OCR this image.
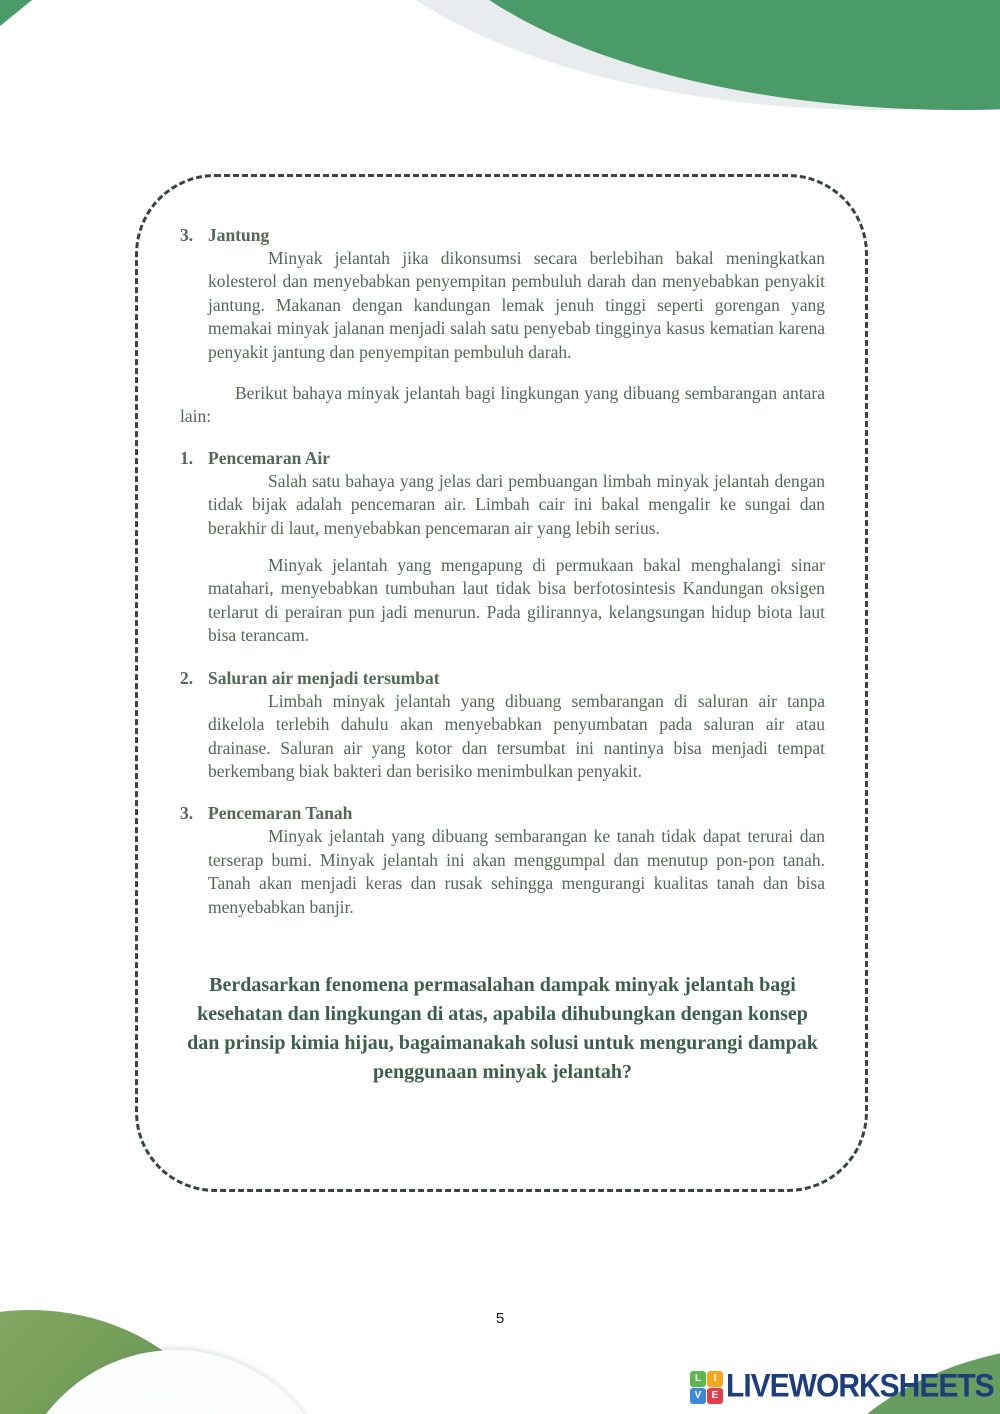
3. Jantung

Minyak jelantah jika dikonsumsi secara berlebihan bakal meningkatkan kolesterol dan menyebabkan penyempitan pembuluh darah dan menyebabkan penyakit jantung. Makanan dengan kandungan lemak jenuh tinggi seperti gorengan yang memakai minyak jalanan menjadi salah satu penyebab tingginya kasus kematian karena penyakit jantung dan penyempitan pembuluh darah.

Berikut bahaya minyak jelantah bagi lingkungan yang dibuang sembarangan antara lain:

1. Pencemaran Air

Salah satu bahaya yang jelas dari pembuangan limbah minyak jelantah dengan tidak bijak adalah pencemaran air. Limbah cair ini bakal mengalir ke sungai dan berakhir di laut, menyebabkan pencemaran air yang lebih serius.

Minyak jelantah yang mengapung di permukaan bakal menghalangi sinar matahari, menyebabkan tumbuhan laut tidak bisa berfotosintesis Kandungan oksigen terlarut di perairan pun jadi menurun. Pada gilirannya, kelangsungan hidup biota laut bisa terancam.

2. Saluran air menjadi tersumbat

Limbah minyak jelantah yang dibuang sembarangan di saluran air tanpa dikelola terlebih dahulu akan menyebabkan penyumbatan pada saluran air atau drainase. Saluran air yang kotor dan tersumbat ini nantinya bisa menjadi tempat berkembang biak bakteri dan berisiko menimbulkan penyakit.

3. Pencemaran Tanah

Minyak jelantah yang dibuang sembarangan ke tanah tidak dapat terurai dan terserap bumi. Minyak jelantah ini akan menggumpal dan menutup pon-pon tanah. Tanah akan menjadi keras dan rusak sehingga mengurangi kualitas tanah dan bisa menyebabkan banjir.

Berdasarkan fenomena permasalahan dampak minyak jelantah bagi kesehatan dan lingkungan di atas, apabila dihubungkan dengan konsep dan prinsip kimia hijau, bagaimanakah solusi untuk mengurangi dampak penggunaan minyak jelantah?

5
L	I
V	E LIVEWORKSHEETS
